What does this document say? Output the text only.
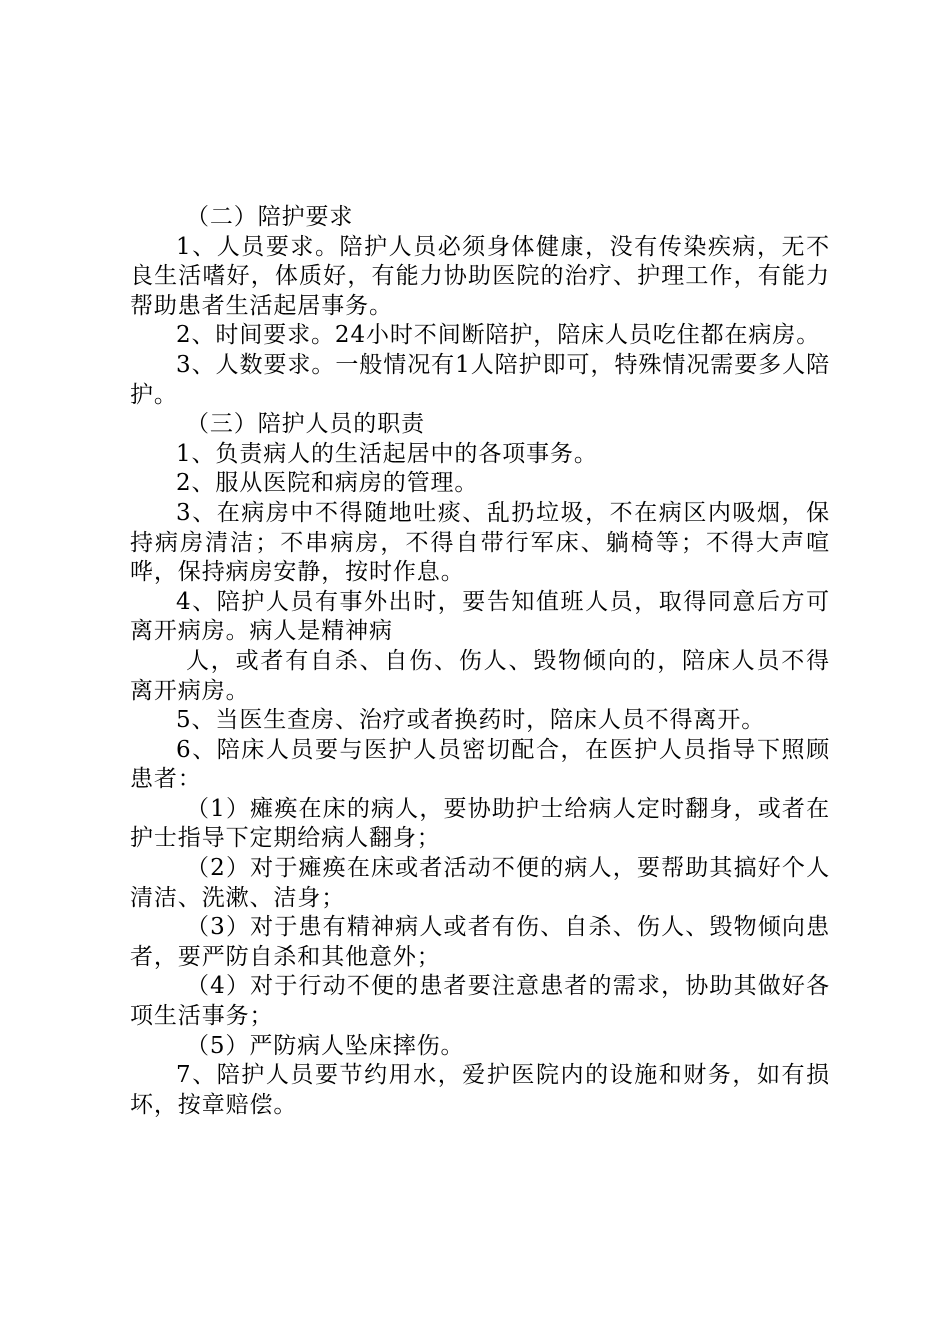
（二）陪护要求

1、人员要求。陪护人员必须身体健康，没有传染疾病，无不良生活嗜好，体质好，有能力协助医院的治疗、护理工作，有能力帮助患者生活起居事务。

2、时间要求。24小时不间断陪护，陪床人员吃住都在病房。

3、人数要求。一般情况有1人陪护即可，特殊情况需要多人陪护。

（三）陪护人员的职责

1、负责病人的生活起居中的各项事务。

2、服从医院和病房的管理。

3、在病房中不得随地吐痰、乱扔垃圾，不在病区内吸烟，保持病房清洁；不串病房，不得自带行军床、躺椅等；不得大声喧哗，保持病房安静，按时作息。

4、陪护人员有事外出时，要告知值班人员，取得同意后方可离开病房。病人是精神病

人，或者有自杀、自伤、伤人、毁物倾向的，陪床人员不得离开病房。

5、当医生查房、治疗或者换药时，陪床人员不得离开。

6、陪床人员要与医护人员密切配合，在医护人员指导下照顾患者：

（1）瘫痪在床的病人，要协助护士给病人定时翻身，或者在护士指导下定期给病人翻身；

（2）对于瘫痪在床或者活动不便的病人，要帮助其搞好个人清洁、洗漱、洁身；

（3）对于患有精神病人或者有伤、自杀、伤人、毁物倾向患者，要严防自杀和其他意外；

（4）对于行动不便的患者要注意患者的需求，协助其做好各项生活事务；

（5）严防病人坠床摔伤。

7、陪护人员要节约用水，爱护医院内的设施和财务，如有损坏，按章赔偿。
